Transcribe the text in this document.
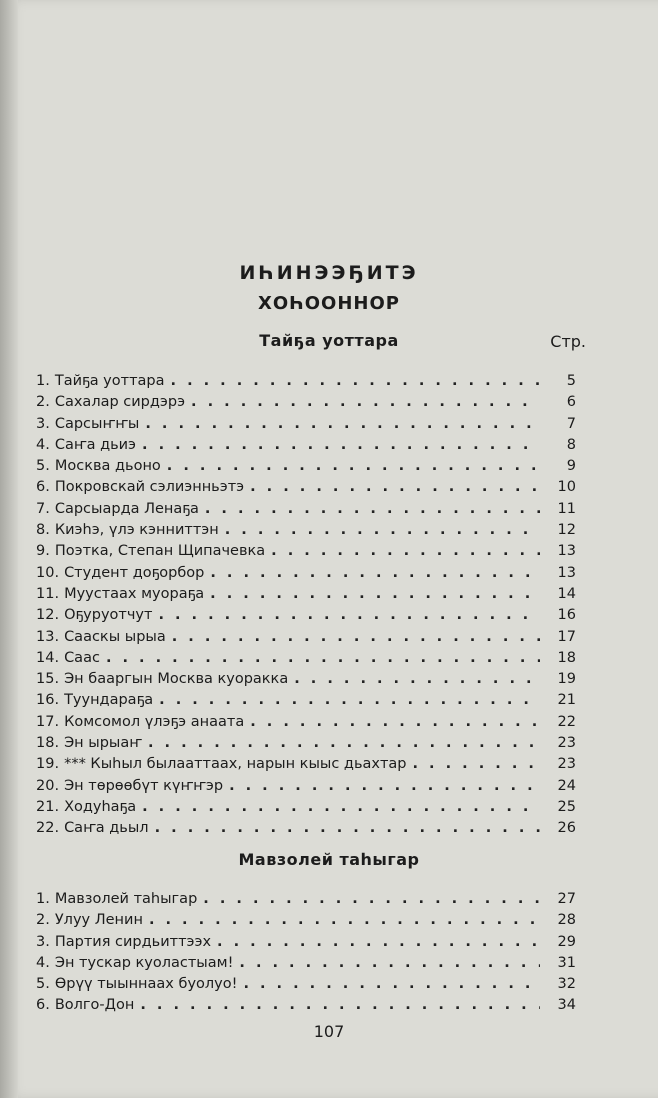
ИҺИНЭЭҔИТЭ
ХОҺООННОР
Тайҕа уоттара	Стр.
1. Тайҕа уоттара . . .	5
2. Сахалар сирдэрэ . . .	6
3. Сарсыҥҥы . . .	7
4. Саҥа дьиэ . . .	8
5. Москва дьоно . . .	9
6. Покровскай сэлиэнньэтэ . . .	10
7. Сарсыарда Ленаҕа . . .	11
8. Киэһэ, үлэ кэнниттэн . . .	12
9. Поэтка, Степан Щипачевка . . .	13
10. Студент доҕорбор . . .	13
11. Муустаах муораҕа . . .	14
12. Оҕуруотчут . . .	16
13. Сааскы ырыа . . .	17
14. Саас . . .	18
15. Эн бааргын Москва куоракка . . .	19
16. Туундараҕа . . .	21
17. Комсомол үлэҕэ анаата . . .	22
18. Эн ырыаҥ . . .	23
19. *** Кыһыл былааттаах, нарын кыыс дьахтар . . .	23
20. Эн төрөөбүт күҥҥэр . . .	24
21. Ходуһаҕа . . .	25
22. Саҥа дьыл . . .	26
Мавзолей таһыгар
1. Мавзолей таһыгар . . .	27
2. Улуу Ленин . . .	28
3. Партия сирдьиттээх . . .	29
4. Эн тускар куоластыам! . . .	31
5. Өрүү тыыннаах буолуо! . . .	32
6. Волго-Дон . . .	34
107
